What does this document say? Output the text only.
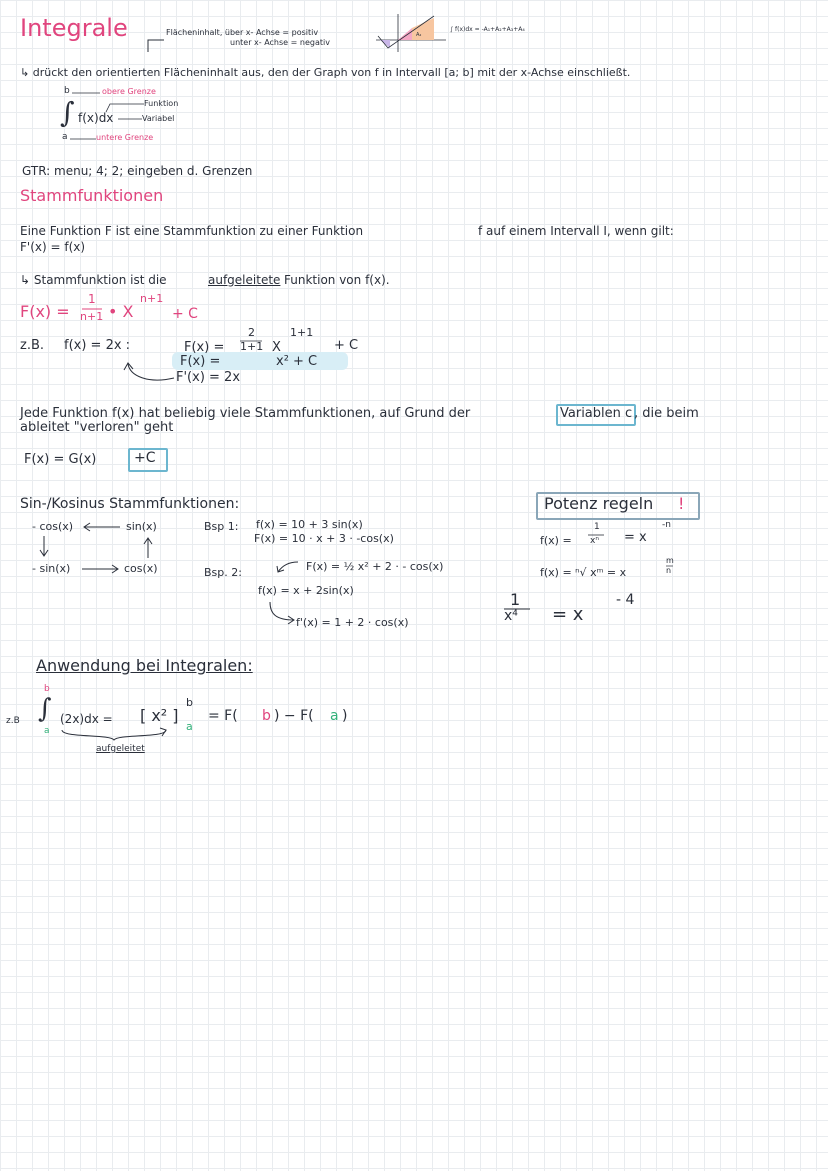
Integrale	Flächeninhalt, über x- Achse = positiv
unter x- Achse = negativ
A₂
∫ f(x)dx = -A₁+A₂+A₃+A₄
↳ drückt den orientierten Flächeninhalt aus, den der Graph von f in Intervall [a; b] mit der x-Achse einschließt.
b	obere Grenze
∫ f(x)dx
Funktion
Variabel
a	untere Grenze
GTR: menu; 4; 2; eingeben d. Grenzen
Stammfunktionen
Eine Funktion F ist eine Stammfunktion zu einer Funktion	f auf einem Intervall I, wenn gilt:
F'(x) = f(x)
↳ Stammfunktion ist die	aufgeleitete Funktion von f(x).
F(x) =
1
n+1 • X
n+1
+ C
z.B. f(x) = 2x :	F(x) =
2
1+1 X
1+1
+ C
F(x) =	x² + C
F'(x) = 2x
Jede Funktion f(x) hat beliebig viele Stammfunktionen, auf Grund der	Variablen c , die beim
ableitet "verloren" geht
F(x) = G(x)	+C
Sin-/Kosinus Stammfunktionen:
- cos(x)	sin(x)
- sin(x)	cos(x)
Bsp 1: f(x) = 10 + 3 sin(x)
F(x) = 10 · x + 3 · -cos(x)
Bsp. 2:	F(x) = ½ x² + 2 · - cos(x)
f(x) = x + 2sin(x)
f'(x) = 1 + 2 · cos(x)
Potenz regeln !
f(x) =
1
xⁿ = x
-n
f(x) = ⁿ√ xᵐ = x
m
n
1
x⁴ = x
- 4
Anwendung bei Integralen:
z.B
b
∫
a
(2x)dx = [ x² ]
b
a
= F( b ) − F( a )
aufgeleitet
